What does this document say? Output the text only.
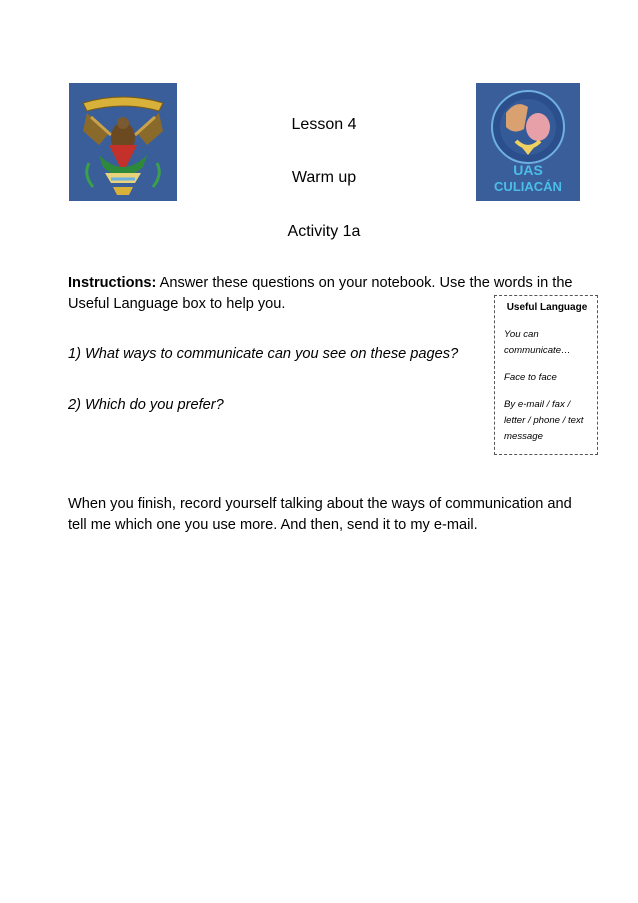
UAS
CULIACÁN
Lesson 4
Warm up
Activity 1a
Instructions: Answer these questions on your notebook. Use the words in the Useful Language box to help you.
1) What ways to communicate can you see on these pages?
2) Which do you prefer?
Useful Language
You can communicate…
Face to face
By e-mail / fax / letter / phone / text message
When you finish, record yourself talking about the ways of communication and tell me which one you use more. And then, send it to my e-mail.
